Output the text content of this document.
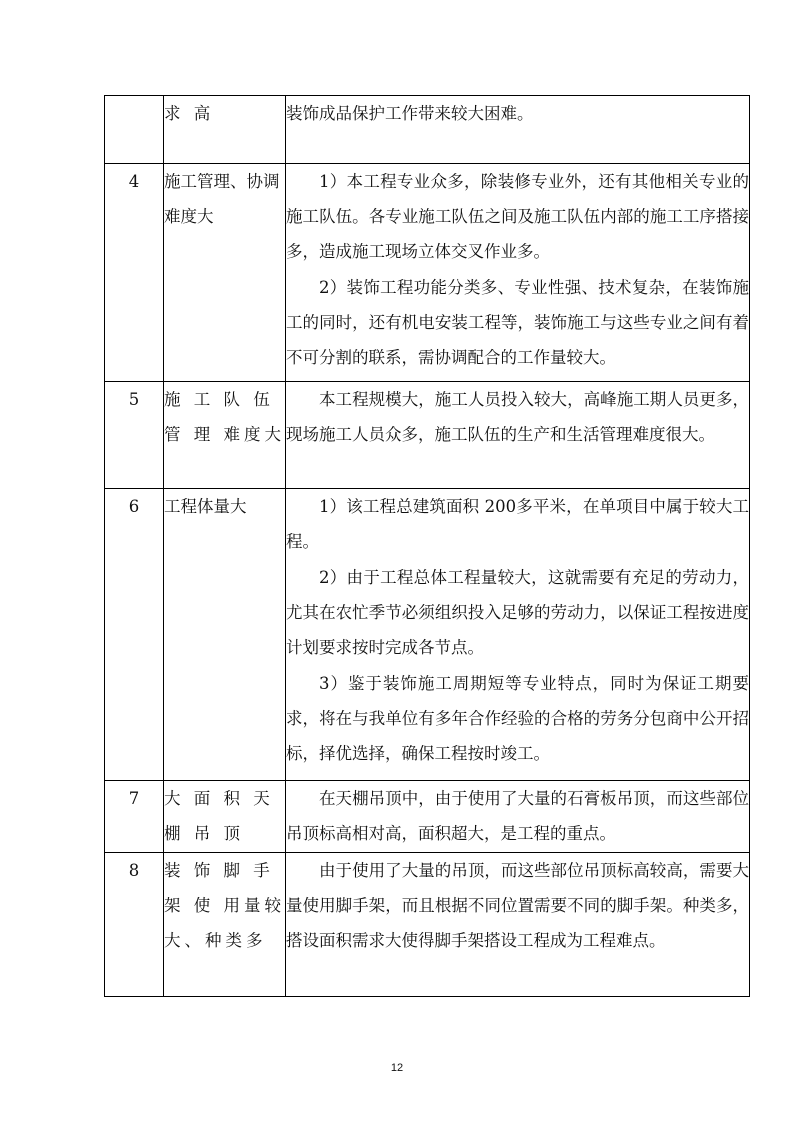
	求 高	装饰成品保护工作带来较大困难。

4	施工管理、协调难度大	1）本工程专业众多，除装修专业外，还有其他相关专业的施工队伍。各专业施工队伍之间及施工队伍内部的施工工序搭接多，造成施工现场立体交叉作业多。

2）装饰工程功能分类多、专业性强、技术复杂，在装饰施工的同时，还有机电安装工程等，装饰施工与这些专业之间有着不可分割的联系，需协调配合的工作量较大。

5	施 工 队 伍 管 理 难度大	本工程规模大，施工人员投入较大，高峰施工期人员更多，现场施工人员众多，施工队伍的生产和生活管理难度很大。

6	工程体量大	1）该工程总建筑面积 200多平米，在单项目中属于较大工程。

2）由于工程总体工程量较大，这就需要有充足的劳动力，尤其在农忙季节必须组织投入足够的劳动力，以保证工程按进度计划要求按时完成各节点。

3）鉴于装饰施工周期短等专业特点，同时为保证工期要求，将在与我单位有多年合作经验的合格的劳务分包商中公开招标，择优选择，确保工程按时竣工。

7	大 面 积 天 棚 吊 顶	在天棚吊顶中，由于使用了大量的石膏板吊顶，而这些部位吊顶标高相对高，面积超大，是工程的重点。

8	装 饰 脚 手 架 使 用量较大、种类多	由于使用了大量的吊顶，而这些部位吊顶标高较高，需要大量使用脚手架，而且根据不同位置需要不同的脚手架。种类多，搭设面积需求大使得脚手架搭设工程成为工程难点。

12
